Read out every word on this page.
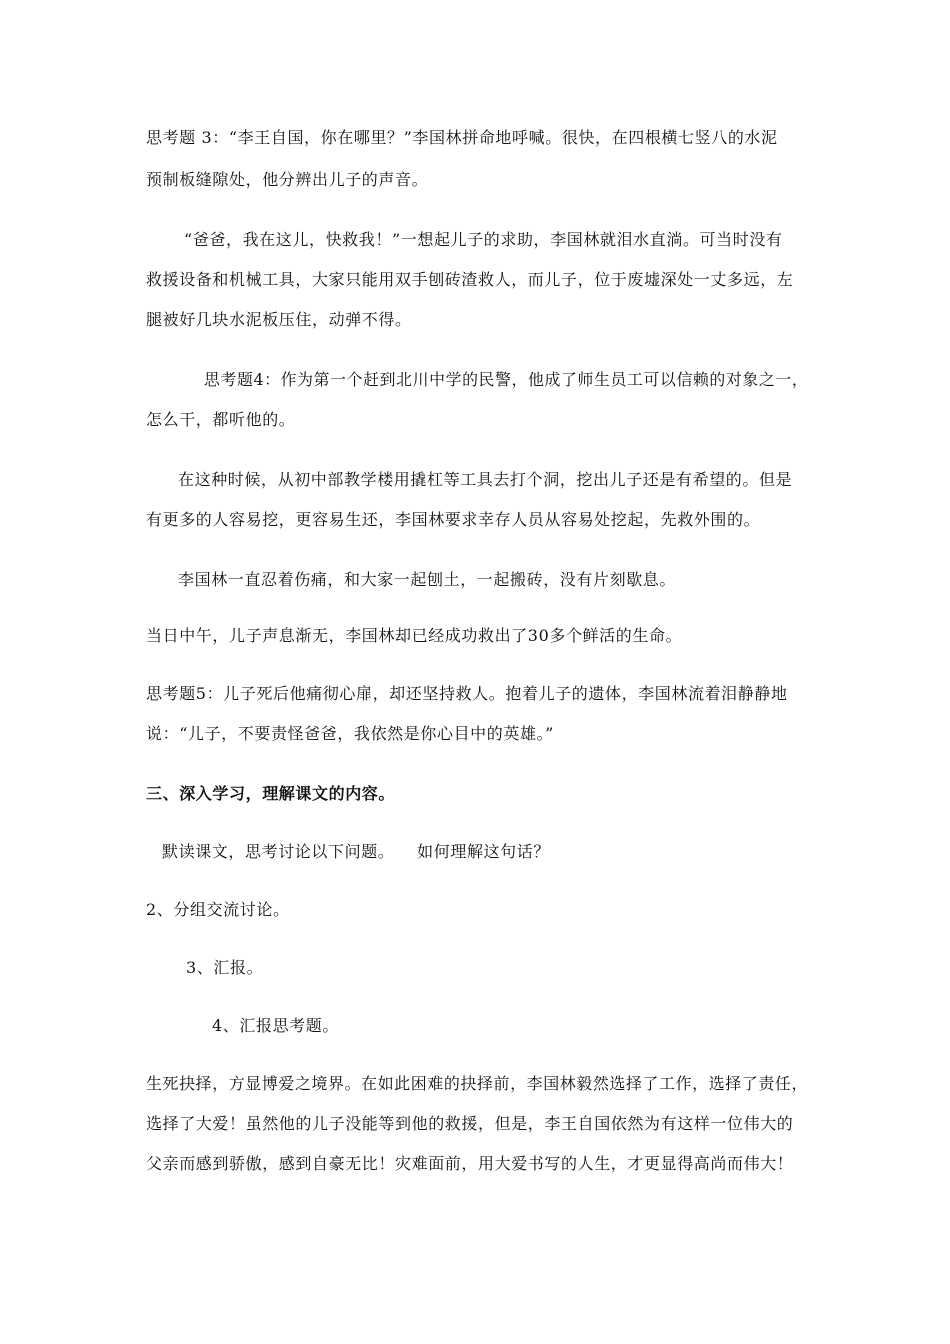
思考题 3：“李王自国，你在哪里？”李国林拼命地呼喊。很快，在四根横七竖八的水泥
预制板缝隙处，他分辨出儿子的声音。
“爸爸，我在这儿，快救我！”一想起儿子的求助，李国林就泪水直淌。可当时没有
救援设备和机械工具，大家只能用双手刨砖渣救人，而儿子，位于废墟深处一丈多远，左
腿被好几块水泥板压住，动弹不得。
思考题4：作为第一个赶到北川中学的民警，他成了师生员工可以信赖的对象之一，
怎么干，都听他的。
在这种时候，从初中部教学楼用撬杠等工具去打个洞，挖出儿子还是有希望的。但是
有更多的人容易挖，更容易生还，李国林要求幸存人员从容易处挖起，先救外围的。
李国林一直忍着伤痛，和大家一起刨土，一起搬砖，没有片刻歇息。
当日中午，儿子声息渐无，李国林却已经成功救出了30多个鲜活的生命。
思考题5：儿子死后他痛彻心扉，却还坚持救人。抱着儿子的遗体，李国林流着泪静静地
说：“儿子，不要责怪爸爸，我依然是你心目中的英雄。”
三、深入学习，理解课文的内容。
默读课文，思考讨论以下问题。    如何理解这句话？
2、分组交流讨论。
3、汇报。
4、汇报思考题。
生死抉择，方显博爱之境界。在如此困难的抉择前，李国林毅然选择了工作，选择了责任，
选择了大爱！虽然他的儿子没能等到他的救援，但是，李王自国依然为有这样一位伟大的
父亲而感到骄傲，感到自豪无比！灾难面前，用大爱书写的人生，才更显得高尚而伟大！
